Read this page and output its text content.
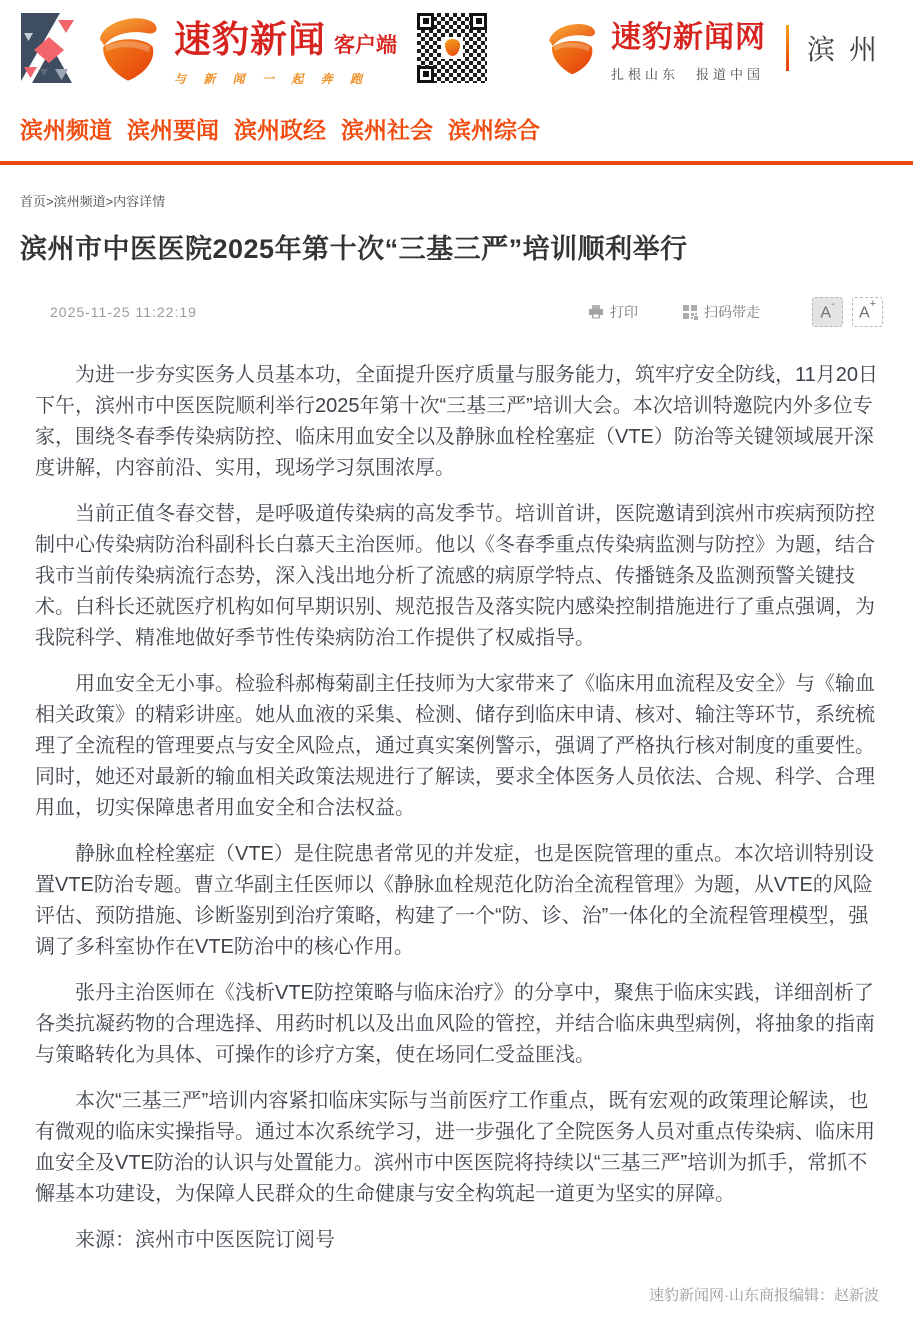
速豹新闻 客户端
与 新 闻 一 起 奔 跑
速豹新闻网
扎根山东　报道中国
滨州
滨州频道 滨州要闻 滨州政经 滨州社会 滨州综合
首页>滨州频道>内容详情
滨州市中医医院2025年第十次“三基三严”培训顺利举行
2025-11-25 11:22:19	打印	扫码带走	A-
A+

为进一步夯实医务人员基本功，全面提升医疗质量与服务能力，筑牢疗安全防线，11月20日下午，滨州市中医医院顺利举行2025年第十次“三基三严”培训大会。本次培训特邀院内外多位专家，围绕冬春季传染病防控、临床用血安全以及静脉血栓栓塞症（VTE）防治等关键领域展开深度讲解，内容前沿、实用，现场学习氛围浓厚。

当前正值冬春交替，是呼吸道传染病的高发季节。培训首讲，医院邀请到滨州市疾病预防控制中心传染病防治科副科长白慕天主治医师。他以《冬春季重点传染病监测与防控》为题，结合我市当前传染病流行态势，深入浅出地分析了流感的病原学特点、传播链条及监测预警关键技术。白科长还就医疗机构如何早期识别、规范报告及落实院内感染控制措施进行了重点强调，为我院科学、精准地做好季节性传染病防治工作提供了权威指导。

用血安全无小事。检验科郝梅菊副主任技师为大家带来了《临床用血流程及安全》与《输血相关政策》的精彩讲座。她从血液的采集、检测、储存到临床申请、核对、输注等环节，系统梳理了全流程的管理要点与安全风险点，通过真实案例警示，强调了严格执行核对制度的重要性。同时，她还对最新的输血相关政策法规进行了解读，要求全体医务人员依法、合规、科学、合理用血，切实保障患者用血安全和合法权益。

静脉血栓栓塞症（VTE）是住院患者常见的并发症，也是医院管理的重点。本次培训特别设置VTE防治专题。曹立华副主任医师以《静脉血栓规范化防治全流程管理》为题，从VTE的风险评估、预防措施、诊断鉴别到治疗策略，构建了一个“防、诊、治”一体化的全流程管理模型，强调了多科室协作在VTE防治中的核心作用。

张丹主治医师在《浅析VTE防控策略与临床治疗》的分享中，聚焦于临床实践，详细剖析了各类抗凝药物的合理选择、用药时机以及出血风险的管控，并结合临床典型病例，将抽象的指南与策略转化为具体、可操作的诊疗方案，使在场同仁受益匪浅。

本次“三基三严”培训内容紧扣临床实际与当前医疗工作重点，既有宏观的政策理论解读，也有微观的临床实操指导。通过本次系统学习，进一步强化了全院医务人员对重点传染病、临床用血安全及VTE防治的认识与处置能力。滨州市中医医院将持续以“三基三严”培训为抓手，常抓不懈基本功建设，为保障人民群众的生命健康与安全构筑起一道更为坚实的屏障。

来源：滨州市中医医院订阅号

速豹新闻网·山东商报编辑：赵新波
